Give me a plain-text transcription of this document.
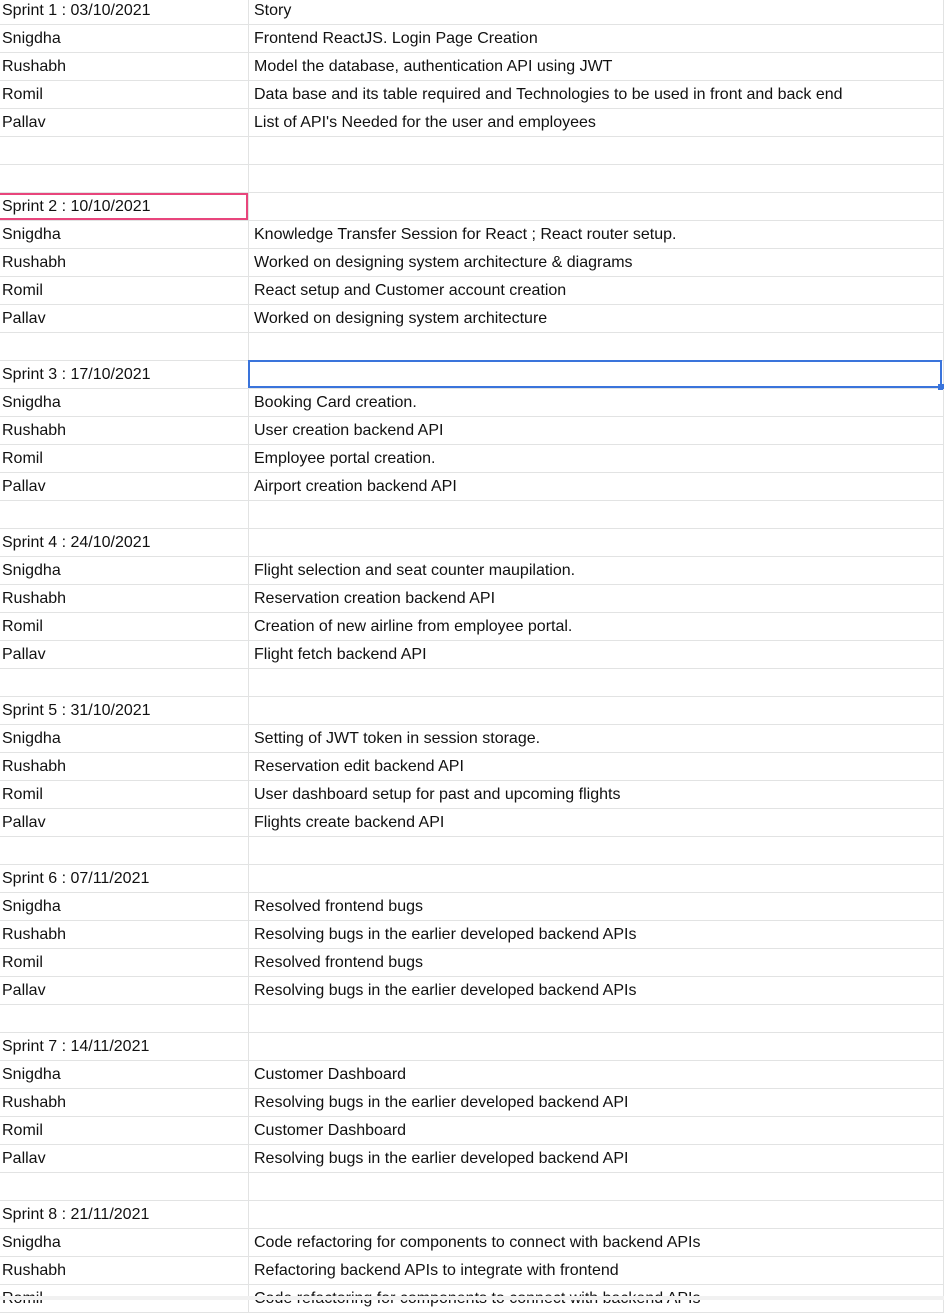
Sprint 1 : 03/10/2021	Story
Snigdha	Frontend ReactJS. Login Page Creation
Rushabh	Model the database, authentication API using JWT
Romil	Data base and its table required and Technologies to be used in front and back end
Pallav	List of API's Needed for the user and employees
Sprint 2 : 10/10/2021
Snigdha	Knowledge Transfer Session for React ; React router setup.
Rushabh	Worked on designing system architecture & diagrams
Romil	React setup and Customer account creation
Pallav	Worked on designing system architecture
Sprint 3 : 17/10/2021
Snigdha	Booking Card creation.
Rushabh	User creation backend API
Romil	Employee portal creation.
Pallav	Airport creation backend API
Sprint 4 : 24/10/2021
Snigdha	Flight selection and seat counter maupilation.
Rushabh	Reservation creation backend API
Romil	Creation of new airline from employee portal.
Pallav	Flight fetch backend API
Sprint 5 : 31/10/2021
Snigdha	Setting of JWT token in session storage.
Rushabh	Reservation edit backend API
Romil	User dashboard setup for past and upcoming flights
Pallav	Flights create backend API
Sprint 6 : 07/11/2021
Snigdha	Resolved frontend bugs
Rushabh	Resolving bugs in the earlier developed backend APIs
Romil	Resolved frontend bugs
Pallav	Resolving bugs in the earlier developed backend APIs
Sprint 7 : 14/11/2021
Snigdha	Customer Dashboard
Rushabh	Resolving bugs in the earlier developed backend API
Romil	Customer Dashboard
Pallav	Resolving bugs in the earlier developed backend API
Sprint 8 : 21/11/2021
Snigdha	Code refactoring for components to connect with backend APIs
Rushabh	Refactoring backend APIs to integrate with frontend
